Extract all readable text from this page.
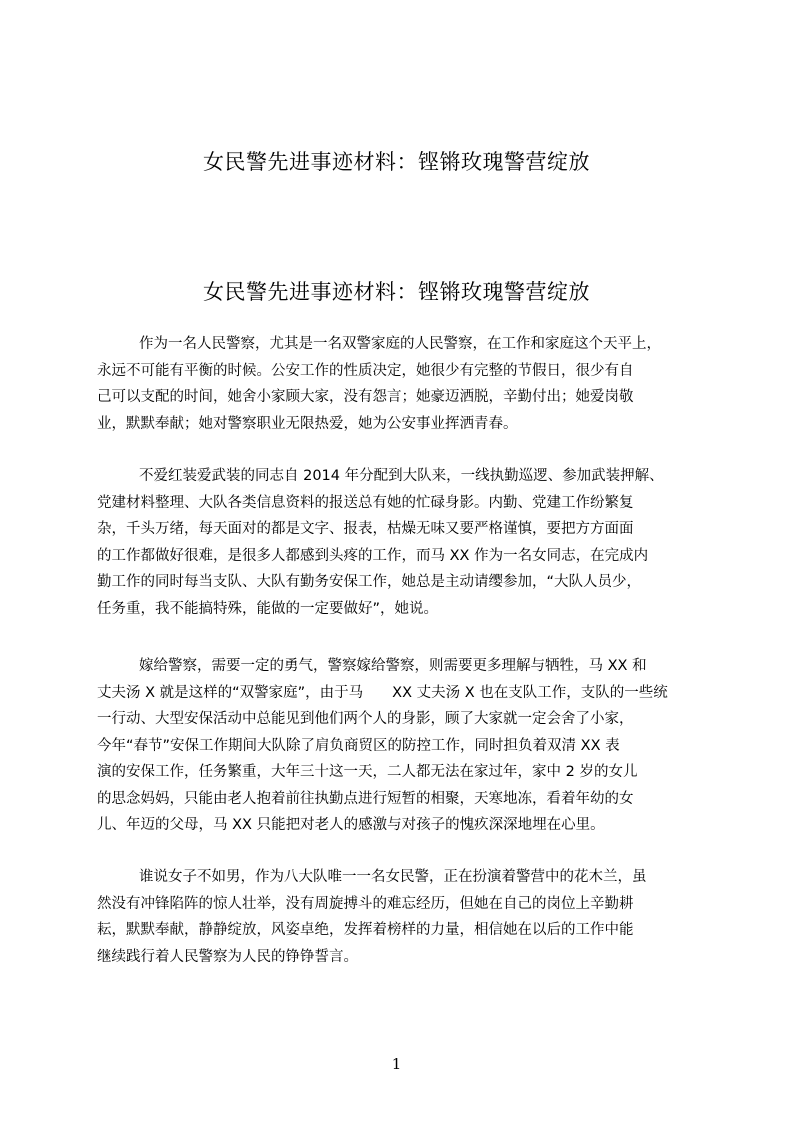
女民警先进事迹材料：铿锵玫瑰警营绽放
女民警先进事迹材料：铿锵玫瑰警营绽放
作为一名人民警察，尤其是一名双警家庭的人民警察，在工作和家庭这个天平上，
永远不可能有平衡的时候。公安工作的性质决定，她很少有完整的节假日，很少有自
己可以支配的时间，她舍小家顾大家，没有怨言；她豪迈洒脱，辛勤付出；她爱岗敬
业，默默奉献；她对警察职业无限热爱，她为公安事业挥洒青春。
不爱红装爱武装的同志自 2014 年分配到大队来，一线执勤巡逻、参加武装押解、
党建材料整理、大队各类信息资料的报送总有她的忙碌身影。内勤、党建工作纷繁复
杂，千头万绪，每天面对的都是文字、报表，枯燥无味又要严格谨慎，要把方方面面
的工作都做好很难，是很多人都感到头疼的工作，而马 XX 作为一名女同志，在完成内
勤工作的同时每当支队、大队有勤务安保工作，她总是主动请缨参加，“大队人员少，
任务重，我不能搞特殊，能做的一定要做好”，她说。
嫁给警察，需要一定的勇气，警察嫁给警察，则需要更多理解与牺牲，马 XX 和
丈夫汤 X 就是这样的“双警家庭”，由于马　　XX 丈夫汤 X 也在支队工作，支队的一些统
一行动、大型安保活动中总能见到他们两个人的身影，顾了大家就一定会舍了小家，
今年“春节”安保工作期间大队除了肩负商贸区的防控工作，同时担负着双清 XX 表
演的安保工作，任务繁重，大年三十这一天，二人都无法在家过年，家中 2 岁的女儿
的思念妈妈，只能由老人抱着前往执勤点进行短暂的相聚，天寒地冻，看着年幼的女
儿、年迈的父母，马 XX 只能把对老人的感激与对孩子的愧疚深深地埋在心里。
谁说女子不如男，作为八大队唯一一名女民警，正在扮演着警营中的花木兰，虽
然没有冲锋陷阵的惊人壮举，没有周旋搏斗的难忘经历，但她在自己的岗位上辛勤耕
耘，默默奉献，静静绽放，风姿卓绝，发挥着榜样的力量，相信她在以后的工作中能
继续践行着人民警察为人民的铮铮誓言。
1
